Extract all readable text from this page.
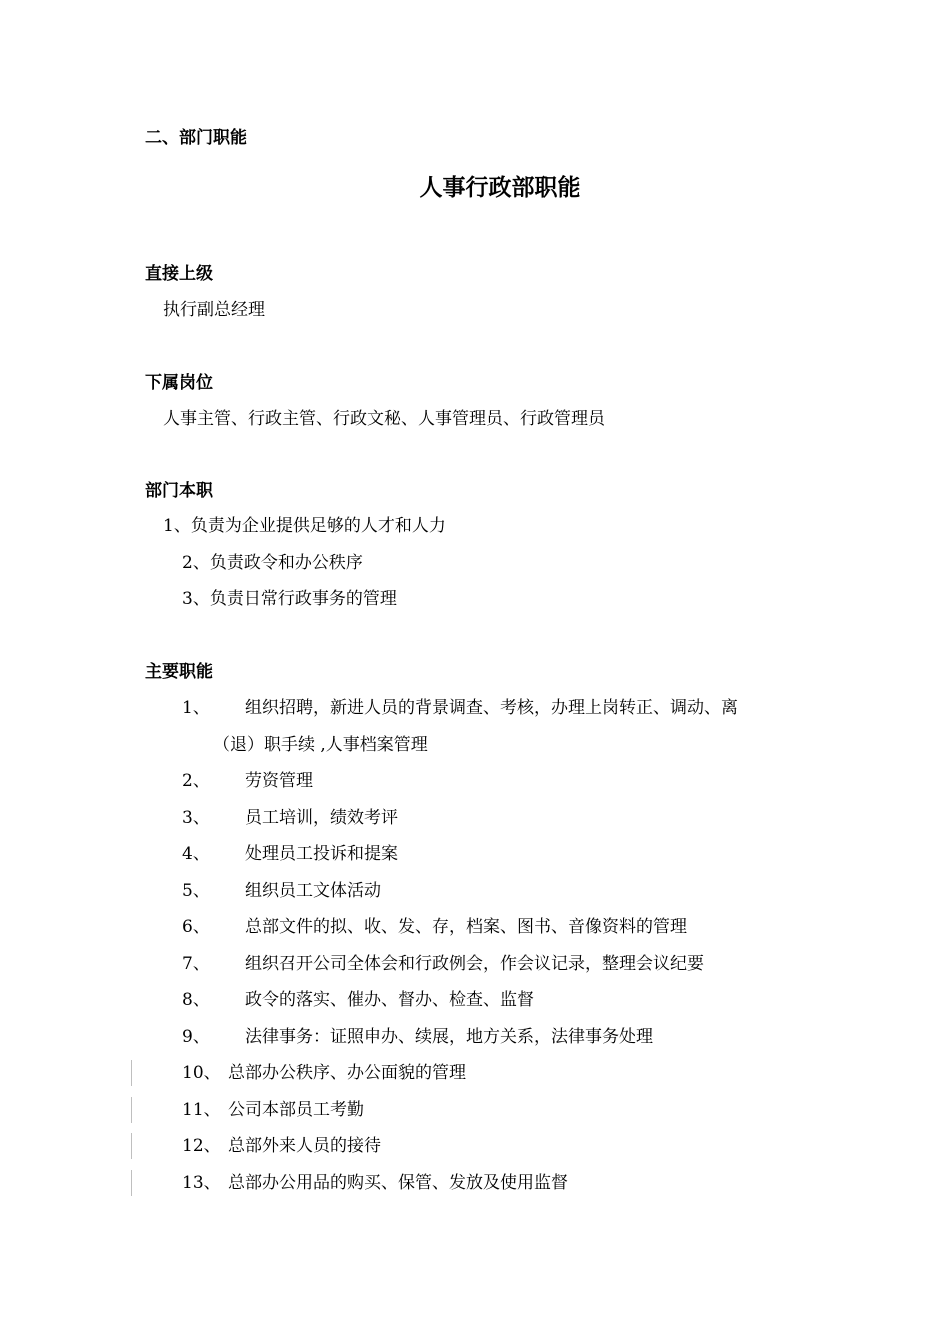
二、部门职能
人事行政部职能
直接上级
执行副总经理
下属岗位
人事主管、行政主管、行政文秘、人事管理员、行政管理员
部门本职
1、负责为企业提供足够的人才和人力
2、负责政令和办公秩序
3、负责日常行政事务的管理
主要职能
1、 组织招聘，新进人员的背景调查、考核，办理上岗转正、调动、离
（退）职手续 ,人事档案管理
2、 劳资管理
3、 员工培训，绩效考评
4、 处理员工投诉和提案
5、 组织员工文体活动
6、 总部文件的拟、收、发、存，档案、图书、音像资料的管理
7、 组织召开公司全体会和行政例会，作会议记录，整理会议纪要
8、 政令的落实、催办、督办、检查、监督
9、 法律事务：证照申办、续展，地方关系，法律事务处理
10、 总部办公秩序、办公面貌的管理
11、 公司本部员工考勤
12、 总部外来人员的接待
13、 总部办公用品的购买、保管、发放及使用监督
